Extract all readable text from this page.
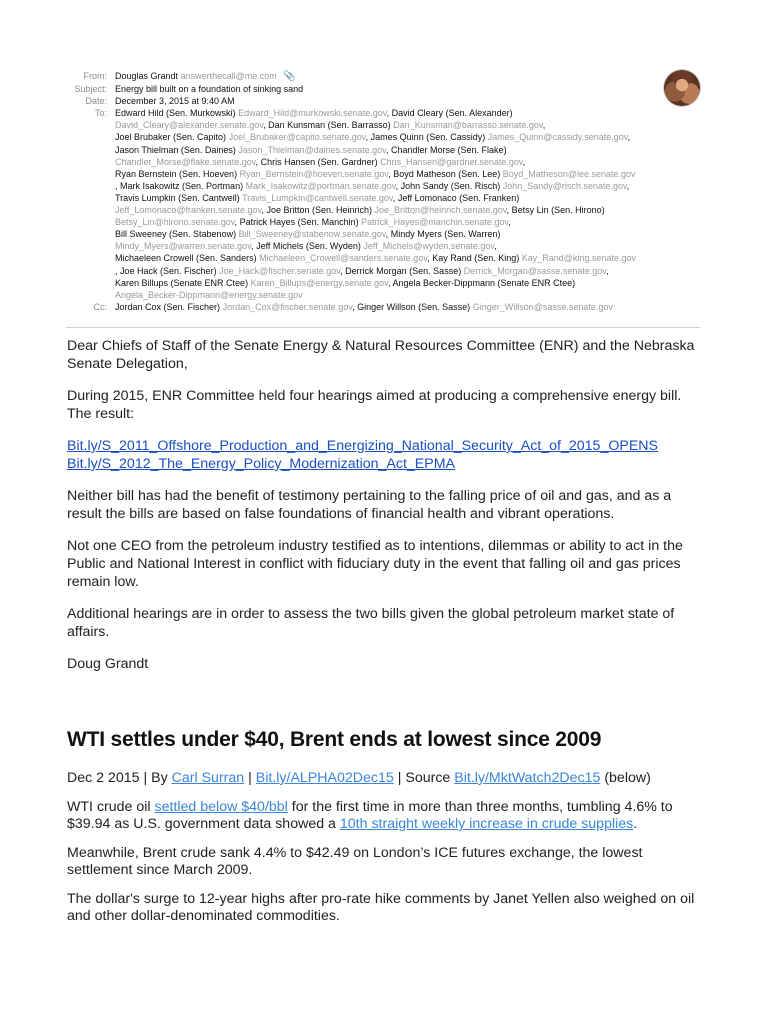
From: Douglas Grandt answerthecall@me.com 📎
Subject: Energy bill built on a foundation of sinking sand
Date: December 3, 2015 at 9:40 AM
To: Edward Hild (Sen. Murkowski) Edward_Hild@murkowski.senate.gov, David Cleary (Sen. Alexander)
David_Cleary@alexander.senate.gov, Dan Kunsman (Sen. Barrasso) Dan_Kunsman@barrasso.senate.gov,
Joel Brubaker (Sen. Capito) Joel_Brubaker@capito.senate.gov, James Quinn (Sen. Cassidy) James_Quinn@cassidy.senate.gov,
Jason Thielman (Sen. Daines) Jason_Thielman@daines.senate.gov, Chandler Morse (Sen. Flake)
Chandler_Morse@flake.senate.gov, Chris Hansen (Sen. Gardner) Chris_Hansen@gardner.senate.gov,
Ryan Bernstein (Sen. Hoeven) Ryan_Bernstein@hoeven.senate.gov, Boyd Matheson (Sen. Lee) Boyd_Matheson@lee.senate.gov
, Mark Isakowitz (Sen. Portman) Mark_Isakowitz@portman.senate.gov, John Sandy (Sen. Risch) John_Sandy@risch.senate.gov,
Travis Lumpkin (Sen. Cantwell) Travis_Lumpkin@cantwell.senate.gov, Jeff Lomonaco (Sen. Franken)
Jeff_Lomonaco@franken.senate.gov, Joe Britton (Sen. Heinrich) Joe_Britton@heinrich.senate.gov, Betsy Lin (Sen. Hirono)
Betsy_Lin@hirono.senate.gov, Patrick Hayes (Sen. Manchin) Patrick_Hayes@manchin.senate.gov,
Bill Sweeney (Sen. Stabenow) Bill_Sweeney@stabenow.senate.gov, Mindy Myers (Sen. Warren)
Mindy_Myers@warren.senate.gov, Jeff Michels (Sen. Wyden) Jeff_Michels@wyden.senate.gov,
Michaeleen Crowell (Sen. Sanders) Michaeleen_Crowell@sanders.senate.gov, Kay Rand (Sen. King) Kay_Rand@king.senate.gov
, Joe Hack (Sen. Fischer) Joe_Hack@fischer.senate.gov, Derrick Morgan (Sen. Sasse) Derrick_Morgan@sasse.senate.gov,
Karen Billups (Senate ENR Ctee) Karen_Billups@energy.senate.gov, Angela Becker-Dippmann (Senate ENR Ctee)
Angela_Becker-Dippmann@energy.senate.gov
Cc: Jordan Cox (Sen. Fischer) Jordan_Cox@fischer.senate.gov, Ginger Willson (Sen. Sasse) Ginger_Willson@sasse.senate.gov

Dear Chiefs of Staff of the Senate Energy & Natural Resources Committee (ENR) and the Nebraska Senate Delegation,

During 2015, ENR Committee held four hearings aimed at producing a comprehensive energy bill. The result:

Bit.ly/S_2011_Offshore_Production_and_Energizing_National_Security_Act_of_2015_OPENS
Bit.ly/S_2012_The_Energy_Policy_Modernization_Act_EPMA

Neither bill has had the benefit of testimony pertaining to the falling price of oil and gas, and as a result the bills are based on false foundations of financial health and vibrant operations.

Not one CEO from the petroleum industry testified as to intentions, dilemmas or ability to act in the Public and National Interest in conflict with fiduciary duty in the event that falling oil and gas prices remain low.

Additional hearings are in order to assess the two bills given the global petroleum market state of affairs.

Doug Grandt

WTI settles under $40, Brent ends at lowest since 2009

Dec 2 2015 | By Carl Surran | Bit.ly/ALPHA02Dec15 | Source Bit.ly/MktWatch2Dec15 (below)

WTI crude oil settled below $40/bbl for the first time in more than three months, tumbling 4.6% to $39.94 as U.S. government data showed a 10th straight weekly increase in crude supplies.

Meanwhile, Brent crude sank 4.4% to $42.49 on London’s ICE futures exchange, the lowest settlement since March 2009.

The dollar's surge to 12-year highs after pro-rate hike comments by Janet Yellen also weighed on oil and other dollar-denominated commodities.
